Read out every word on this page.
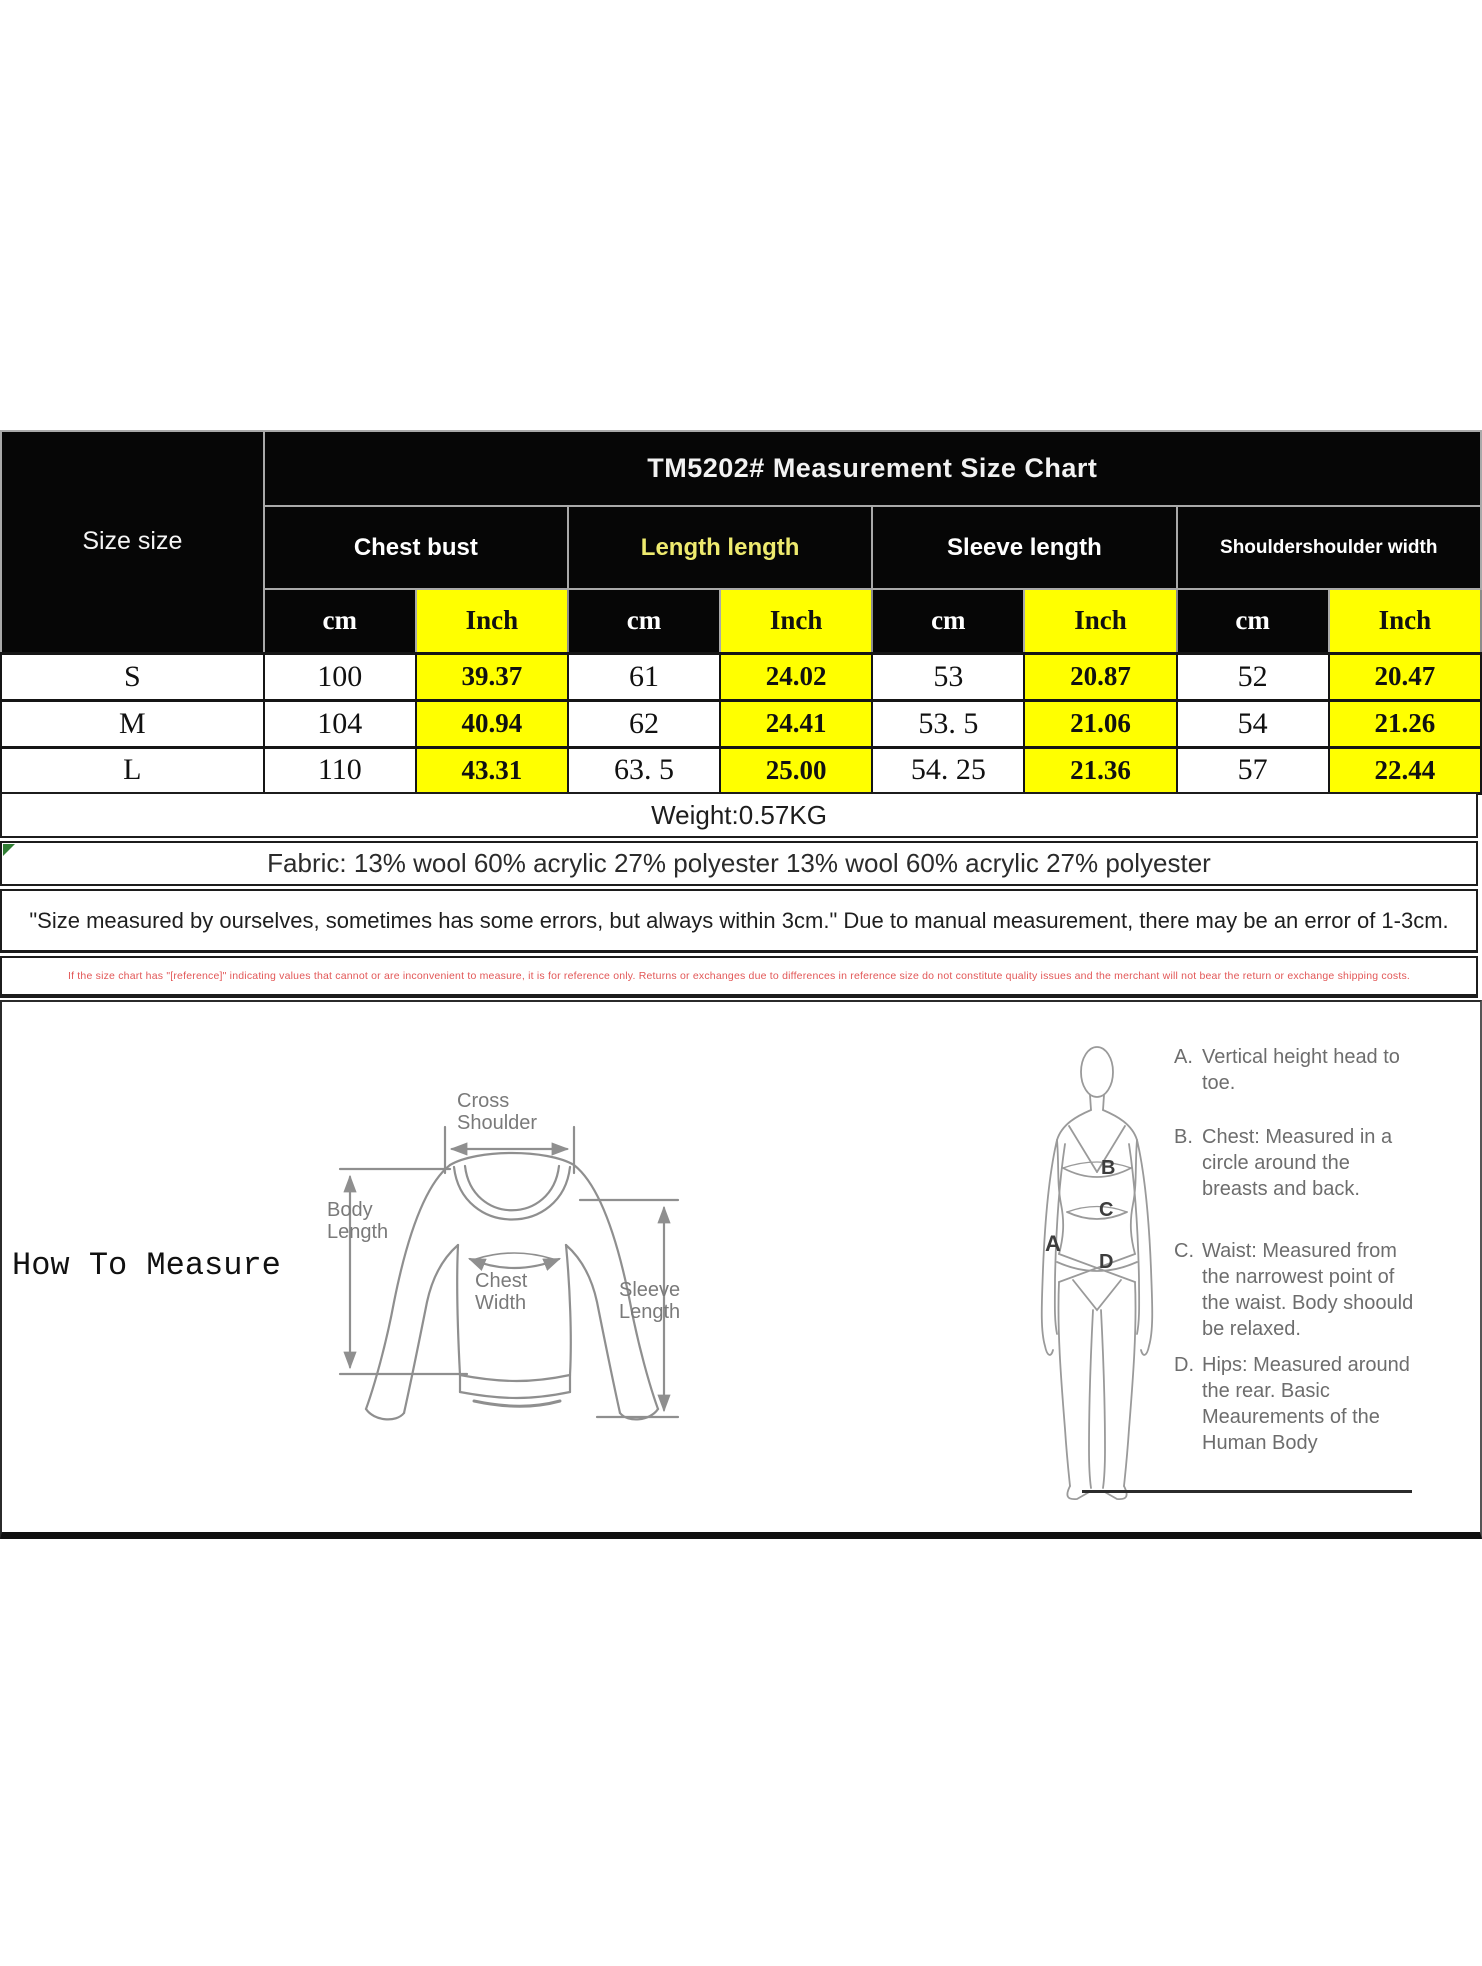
Size size	TM5202# Measurement Size Chart							
	Chest bust		Length length		Sleeve length		Shouldershoulder width	
	cm	Inch	cm	Inch	cm	Inch	cm	Inch
S	100	39.37	61	24.02	53	20.87	52	20.47
M	104	40.94	62	24.41	53. 5	21.06	54	21.26
L	110	43.31	63. 5	25.00	54. 25	21.36	57	22.44
Weight:0.57KG
Fabric: 13% wool 60% acrylic 27% polyester 13% wool 60% acrylic 27% polyester
"Size measured by ourselves, sometimes has some errors, but always within 3cm." Due to manual measurement, there may be an error of 1-3cm.
If the size chart has "[reference]" indicating values that cannot or are inconvenient to measure, it is for reference only. Returns or exchanges due to differences in reference size do not constitute quality issues and the merchant will not bear the return or exchange shipping costs.
How To Measure
Cross Shoulder
Body Length
Chest Width
Sleeve Length
A
B
C
D
A. Vertical height head to toe.
B. Chest: Measured in a circle around the breasts and back.
C. Waist: Measured from the narrowest point of the waist. Body shoould be relaxed.
D. Hips: Measured around the rear. Basic Meaurements of the Human Body
